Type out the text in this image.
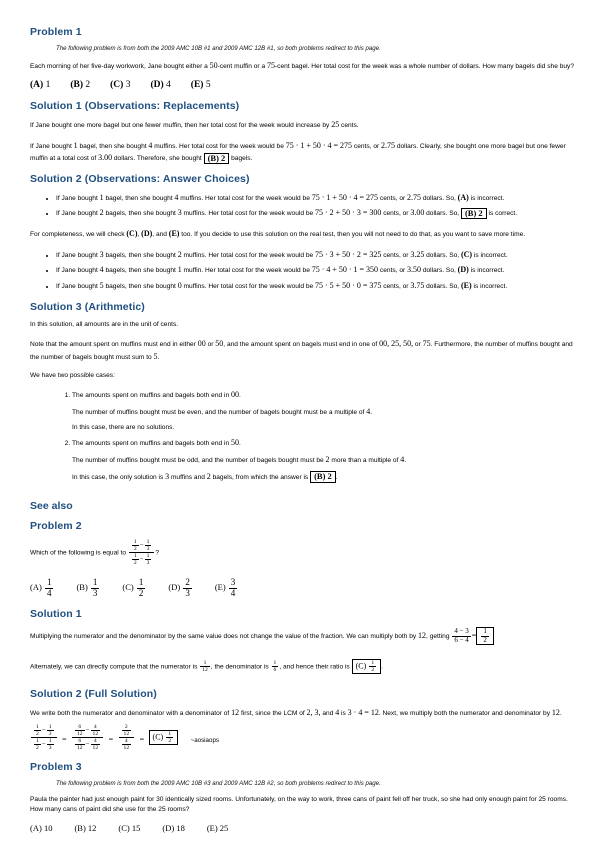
Problem 1
The following problem is from both the 2009 AMC 10B #1 and 2009 AMC 12B #1, so both problems redirect to this page.

Each morning of her five-day workwork, Jane bought either a 50-cent muffin or a 75-cent bagel. Her total cost for the week was a whole number of dollars. How many bagels did she buy?

(A) 1 (B) 2 (C) 3 (D) 4 (E) 5
Solution 1 (Observations: Replacements)

If Jane bought one more bagel but one fewer muffin, then her total cost for the week would increase by 25 cents.

If Jane bought 1 bagel, then she bought 4 muffins. Her total cost for the week would be 75 · 1 + 50 · 4 = 275 cents, or 2.75 dollars. Clearly, she bought one more bagel but one fewer muffin at a total cost of 3.00 dollars. Therefore, she bought (B) 2 bagels.

Solution 2 (Observations: Answer Choices)
• If Jane bought 1 bagel, then she bought 4 muffins. Her total cost for the week would be 75 · 1 + 50 · 4 = 275 cents, or 2.75 dollars. So, (A) is incorrect.
• If Jane bought 2 bagels, then she bought 3 muffins. Her total cost for the week would be 75 · 2 + 50 · 3 = 300 cents, or 3.00 dollars. So, (B) 2 is correct.

For completeness, we will check (C), (D), and (E) too. If you decide to use this solution on the real test, then you will not need to do that, as you want to save more time.

• If Jane bought 3 bagels, then she bought 2 muffins. Her total cost for the week would be 75 · 3 + 50 · 2 = 325 cents, or 3.25 dollars. So, (C) is incorrect.
• If Jane bought 4 bagels, then she bought 1 muffin. Her total cost for the week would be 75 · 4 + 50 · 1 = 350 cents, or 3.50 dollars. So, (D) is incorrect.
• If Jane bought 5 bagels, then she bought 0 muffins. Her total cost for the week would be 75 · 5 + 50 · 0 = 375 cents, or 3.75 dollars. So, (E) is incorrect.
Solution 3 (Arithmetic)

In this solution, all amounts are in the unit of cents.

Note that the amount spent on muffins must end in either 00 or 50, and the amount spent on bagels must end in one of 00, 25, 50, or 75. Furthermore, the number of muffins bought and the number of bagels bought must sum to 5.

We have two possible cases:

1. The amounts spent on muffins and bagels both end in 00.

The number of muffins bought must be even, and the number of bagels bought must be a multiple of 4.

In this case, there are no solutions.

2. The amounts spent on muffins and bagels both end in 50.

The number of muffins bought must be odd, and the number of bagels bought must be 2 more than a multiple of 4.

In this case, the only solution is 3 muffins and 2 bagels, from which the answer is (B) 2 .

See also
Problem 2

Which of the following is equal to $\frac{\frac{1}{2} - \frac{1}{3}}{\frac{1}{2} - \frac{1}{3}}$ ?

$(A) \frac{1}{4}$	$(B) \frac{1}{3}$	$(C) \frac{1}{2}$	$(D) \frac{2}{3}$	$(E) \frac{3}{4}$
Solution 1

Multiplying the numerator and the denominator by the same value does not change the value of the fraction. We can multiply both by 12, getting $\frac{4 - 3}{6 - 4} = \frac{1}{2}$

Alternately, we can directly compute that the numerator is $\frac{1}{12}$ , the denominator is $\frac{1}{6}$ , and hence their ratio is $(C) \frac{1}{2}$ .

Solution 2 (Full Solution)

We write both the numerator and denominator with a denominator of 12 first, since the LCM of 2, 3, and 4 is 3 · 4 = 12. Next, we multiply both the numerator and denominator by 12.

$\frac{\frac{1}{2} - \frac{1}{3}}{\frac{1}{2} - \frac{1}{3}} = \frac{\frac{6}{12} - \frac{4}{12}}{\frac{6}{12} - \frac{4}{12}} = \frac{\frac{2}{12}}{\frac{4}{12}} = (C) \frac{1}{2}$	~aosiaops
Problem 3
The following problem is from both the 2009 AMC 10B #3 and 2009 AMC 12B #2, so both problems redirect to this page.

Paula the painter had just enough paint for 30 identically sized rooms. Unfortunately, on the way to work, three cans of paint fell off her truck, so she had only enough paint for 25 rooms. How many cans of paint did she use for the 25 rooms?

(A) 10	(B) 12	(C) 15	(D) 18	(E) 25
